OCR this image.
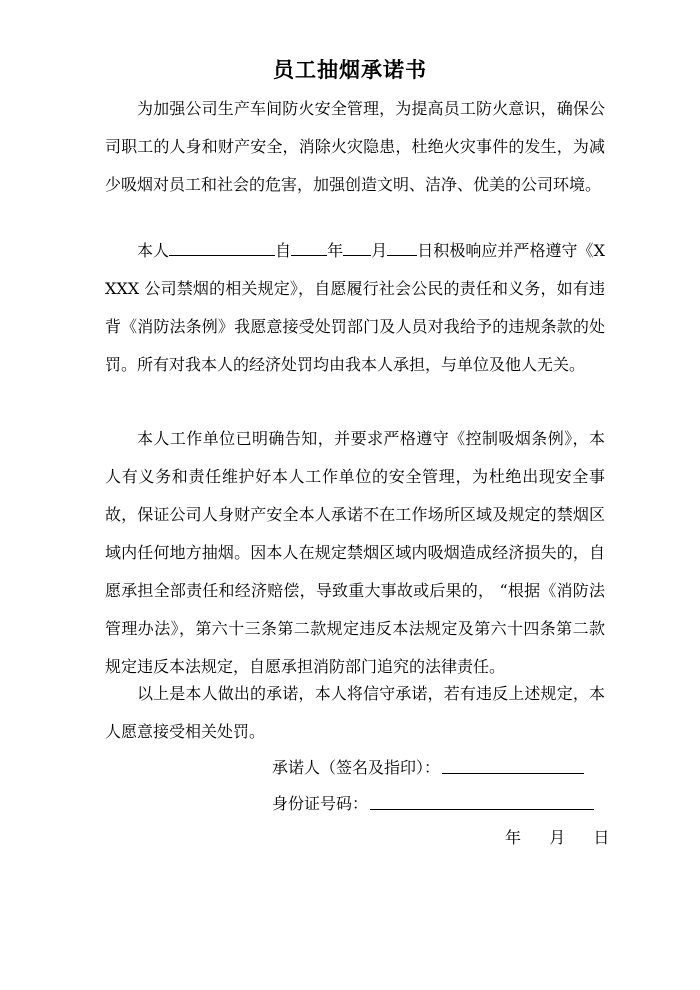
员工抽烟承诺书
为加强公司生产车间防火安全管理，为提高员工防火意识，确保公司职工的人身和财产安全，消除火灾隐患，杜绝火灾事件的发生，为减少吸烟对员工和社会的危害，加强创造文明、洁净、优美的公司环境。
本人	自 年 月 日积极响应并严格遵守《XXXX 公司禁烟的相关规定》，自愿履行社会公民的责任和义务，如有违背《消防法条例》我愿意接受处罚部门及人员对我给予的违规条款的处罚。所有对我本人的经济处罚均由我本人承担，与单位及他人无关。
本人工作单位已明确告知，并要求严格遵守《控制吸烟条例》，本人有义务和责任维护好本人工作单位的安全管理，为杜绝出现安全事故，保证公司人身财产安全本人承诺不在工作场所区域及规定的禁烟区域内任何地方抽烟。因本人在规定禁烟区域内吸烟造成经济损失的，自愿承担全部责任和经济赔偿，导致重大事故或后果的， “根据《消防法管理办法》，第六十三条第二款规定违反本法规定及第六十四条第二款规定违反本法规定，自愿承担消防部门追究的法律责任。
以上是本人做出的承诺，本人将信守承诺，若有违反上述规定，本人愿意接受相关处罚。
承诺人（签名及指印）：
身份证号码：
年 月 日
